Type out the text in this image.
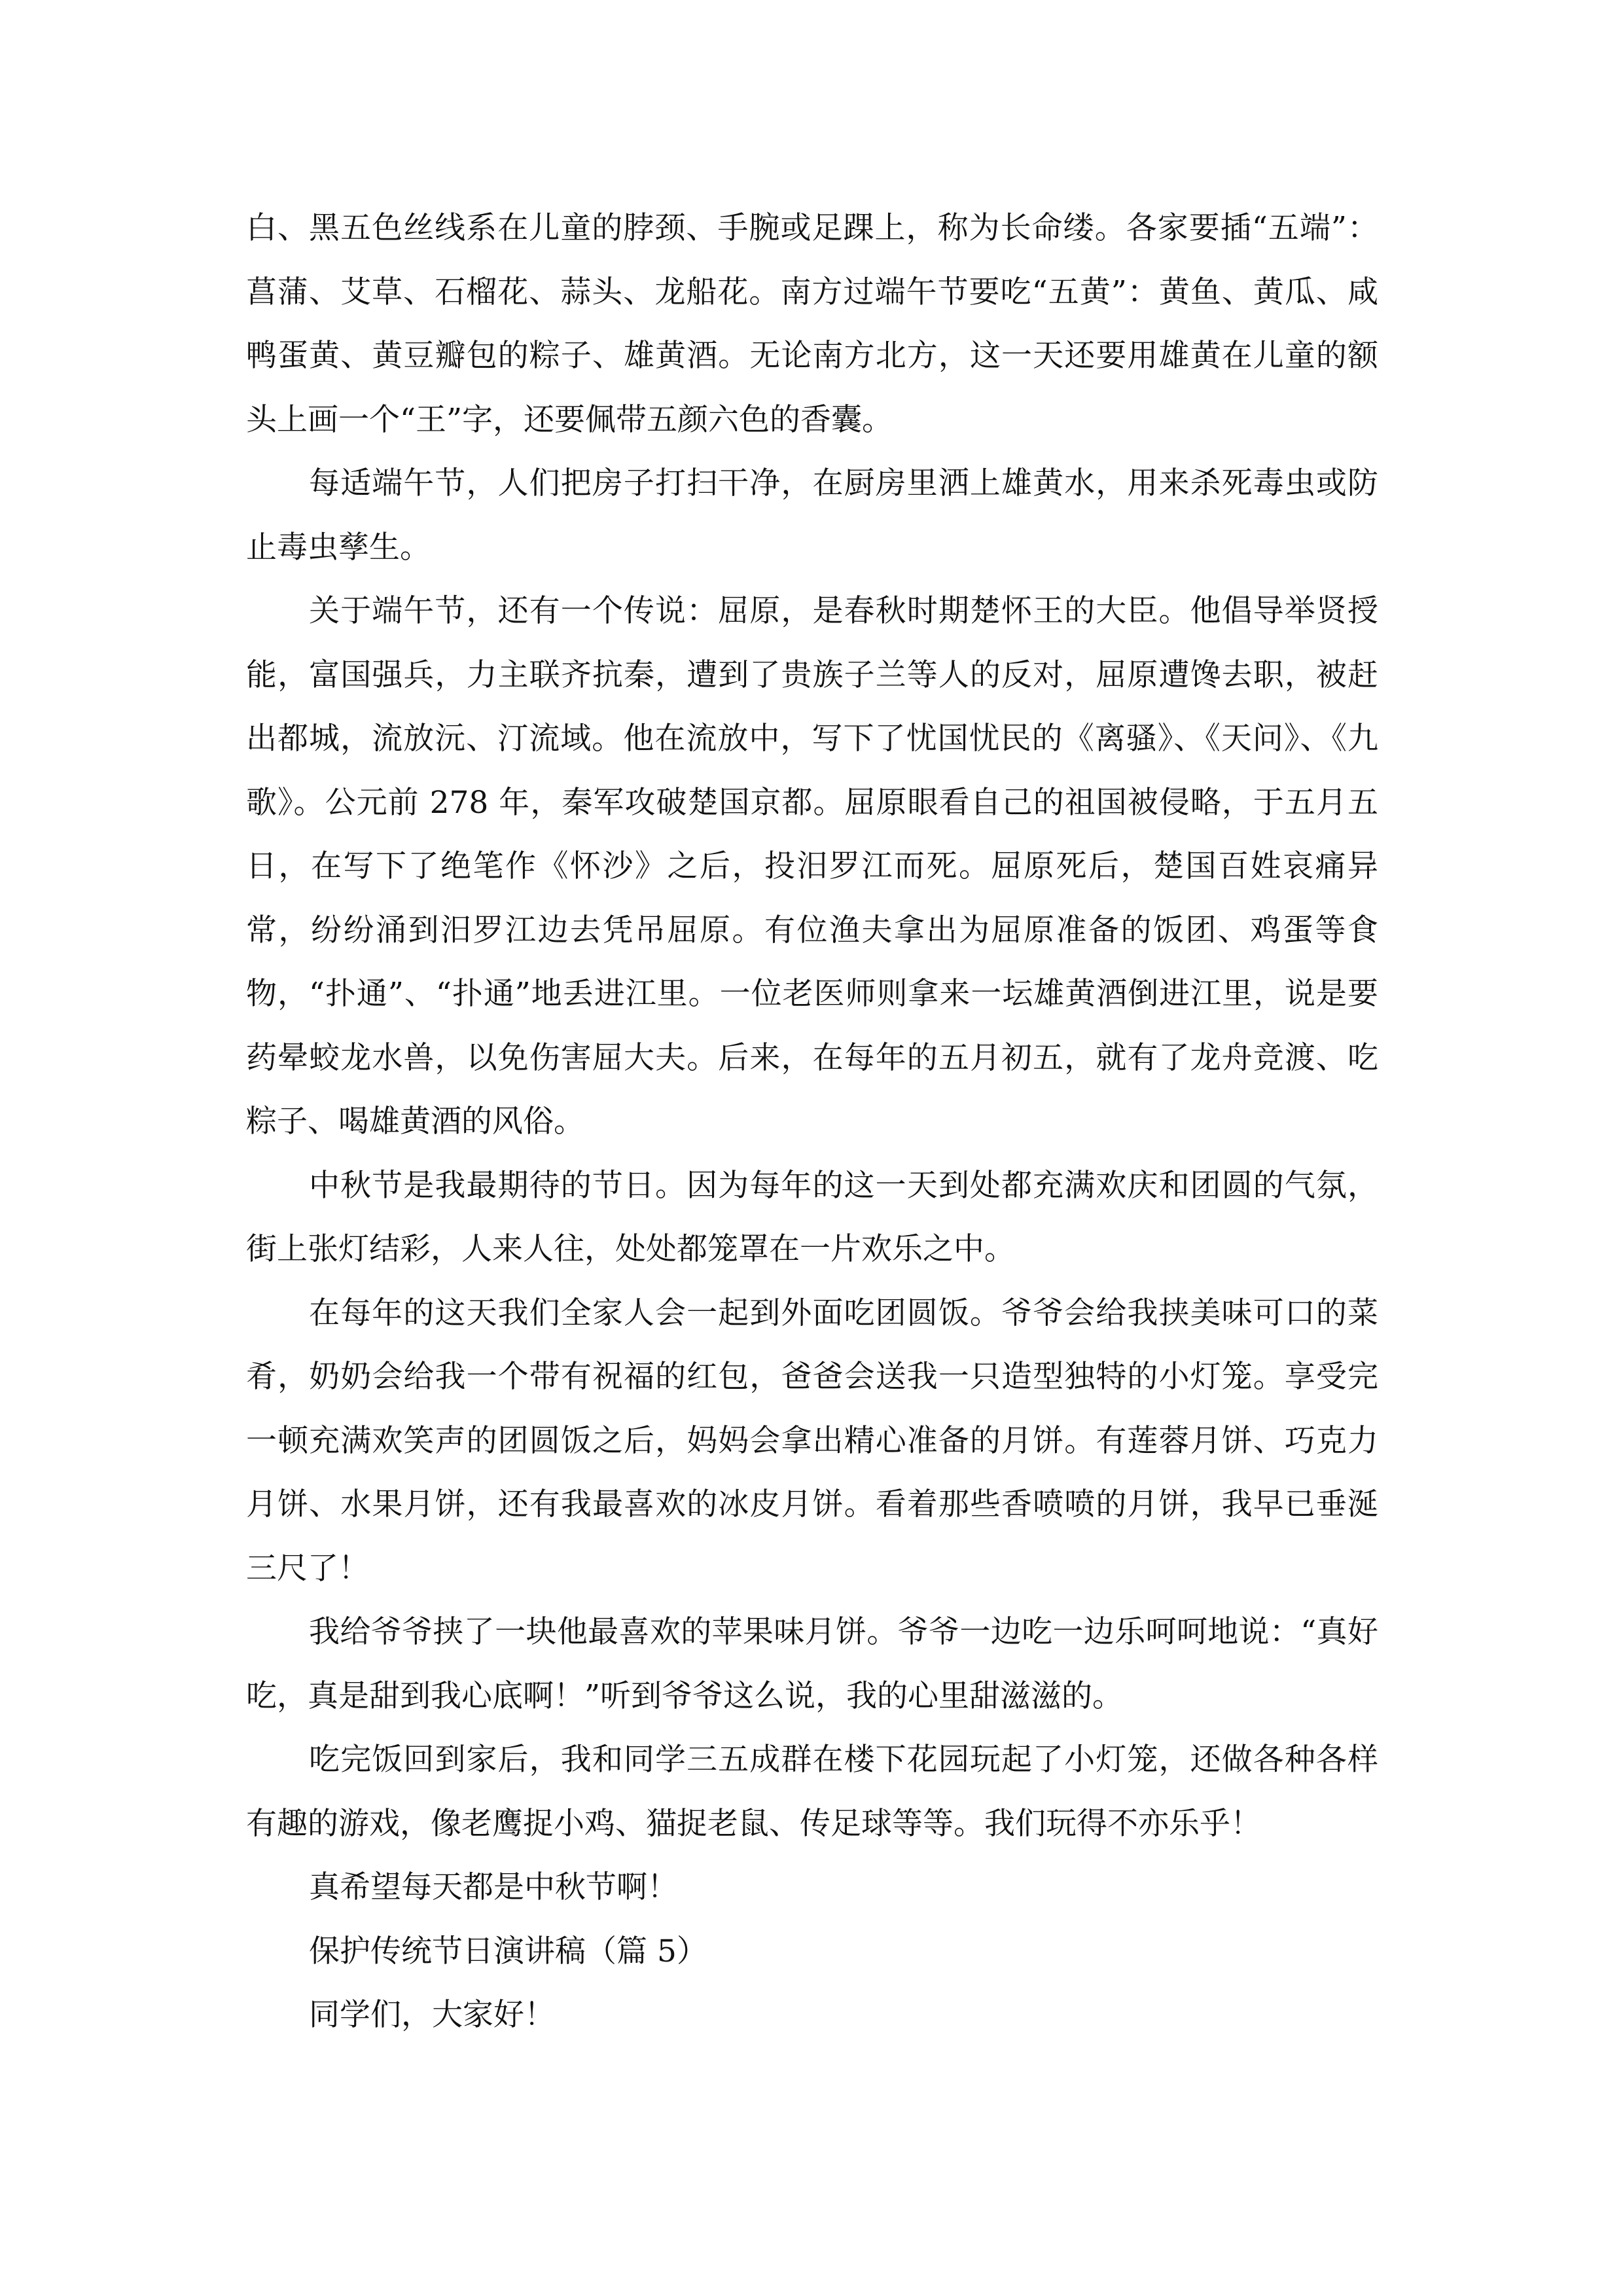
白、黑五色丝线系在儿童的脖颈、手腕或足踝上，称为长命缕。各家要插“五端”：菖蒲、艾草、石榴花、蒜头、龙船花。南方过端午节要吃“五黄”：黄鱼、黄瓜、咸鸭蛋黄、黄豆瓣包的粽子、雄黄酒。无论南方北方，这一天还要用雄黄在儿童的额头上画一个“王”字，还要佩带五颜六色的香囊。

每适端午节，人们把房子打扫干净，在厨房里洒上雄黄水，用来杀死毒虫或防止毒虫孳生。

关于端午节，还有一个传说：屈原，是春秋时期楚怀王的大臣。他倡导举贤授能，富国强兵，力主联齐抗秦，遭到了贵族子兰等人的反对，屈原遭馋去职，被赶出都城，流放沅、汀流域。他在流放中，写下了忧国忧民的《离骚》、《天问》、《九歌》。公元前 278 年，秦军攻破楚国京都。屈原眼看自己的祖国被侵略，于五月五日，在写下了绝笔作《怀沙》之后，投汨罗江而死。屈原死后，楚国百姓哀痛异常，纷纷涌到汨罗江边去凭吊屈原。有位渔夫拿出为屈原准备的饭团、鸡蛋等食物，“扑通”、“扑通”地丢进江里。一位老医师则拿来一坛雄黄酒倒进江里，说是要药晕蛟龙水兽，以免伤害屈大夫。后来，在每年的五月初五，就有了龙舟竞渡、吃粽子、喝雄黄酒的风俗。

中秋节是我最期待的节日。因为每年的这一天到处都充满欢庆和团圆的气氛，街上张灯结彩，人来人往，处处都笼罩在一片欢乐之中。

在每年的这天我们全家人会一起到外面吃团圆饭。爷爷会给我挟美味可口的菜肴，奶奶会给我一个带有祝福的红包，爸爸会送我一只造型独特的小灯笼。享受完一顿充满欢笑声的团圆饭之后，妈妈会拿出精心准备的月饼。有莲蓉月饼、巧克力月饼、水果月饼，还有我最喜欢的冰皮月饼。看着那些香喷喷的月饼，我早已垂涎三尺了！

我给爷爷挟了一块他最喜欢的苹果味月饼。爷爷一边吃一边乐呵呵地说：“真好吃，真是甜到我心底啊！”听到爷爷这么说，我的心里甜滋滋的。

吃完饭回到家后，我和同学三五成群在楼下花园玩起了小灯笼，还做各种各样有趣的游戏，像老鹰捉小鸡、猫捉老鼠、传足球等等。我们玩得不亦乐乎！

真希望每天都是中秋节啊！

保护传统节日演讲稿（篇 5）

同学们，大家好！
